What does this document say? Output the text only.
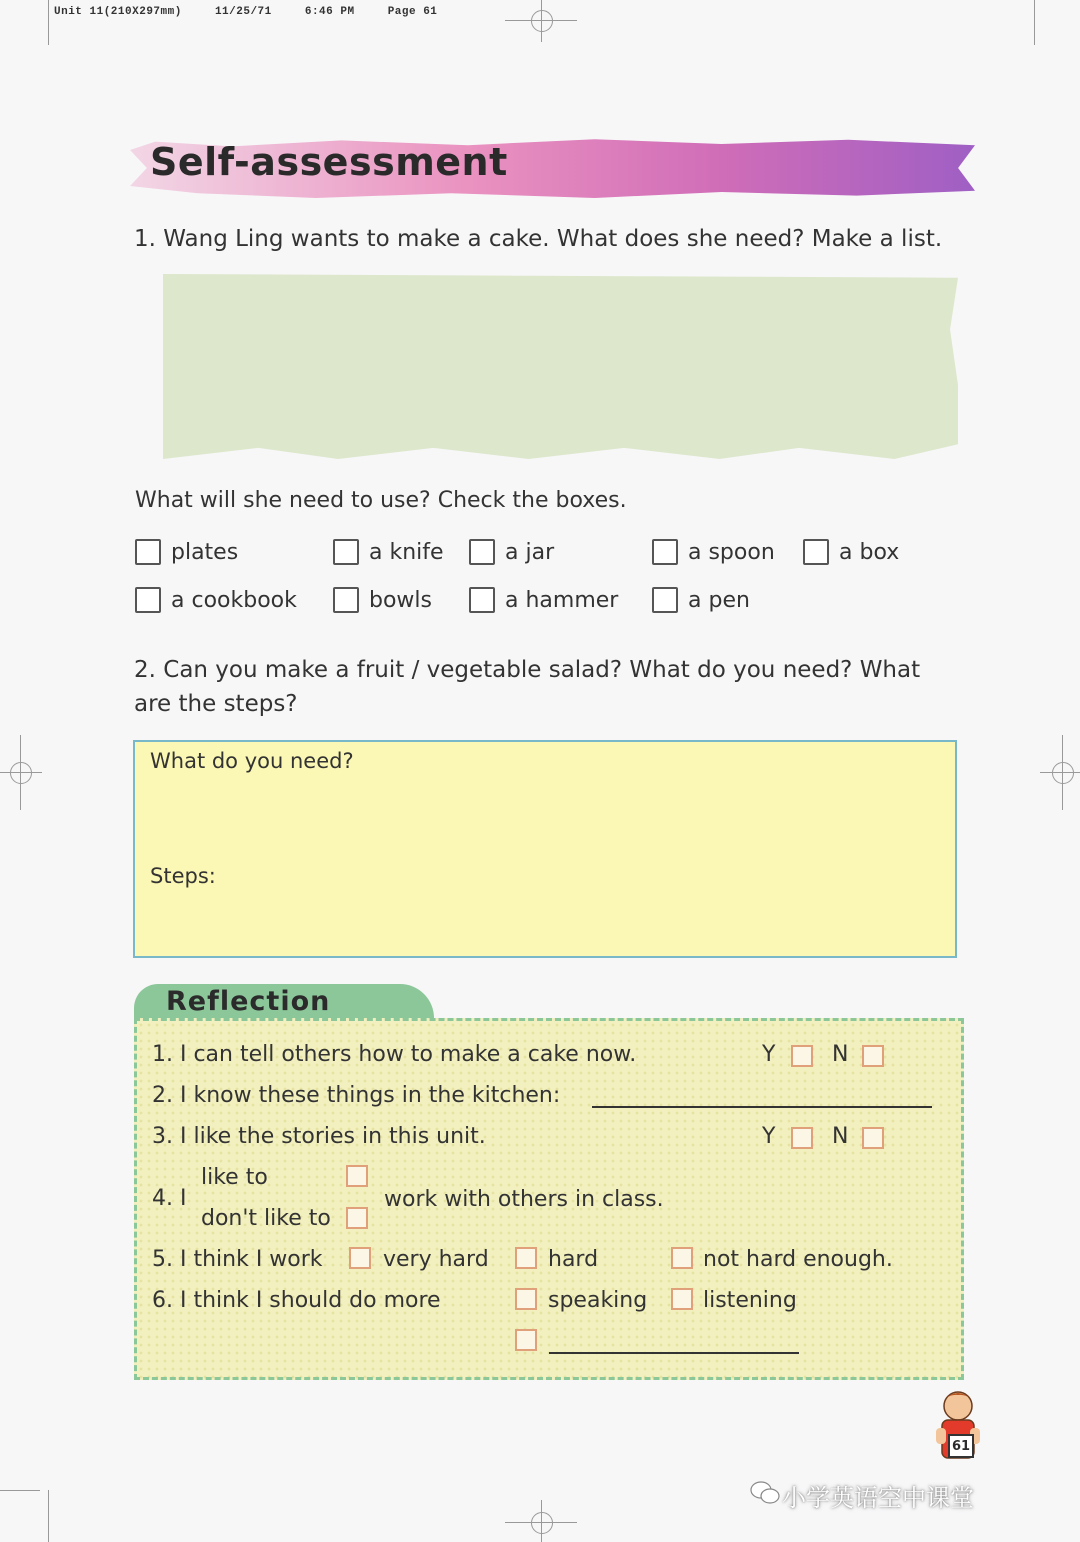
Unit 11(210X297mm)	11/25/71	6:46 PM	Page 61
Self-assessment
1. Wang Ling wants to make a cake. What does she need? Make a list.
What will she need to use? Check the boxes.
plates	a knife	a jar	a spoon	a box
a cookbook	bowls	a hammer	a pen
2. Can you make a fruit / vegetable salad? What do you need? What
are the steps?
What do you need?
Steps:
Reflection
1. I can tell others how to make a cake now.	Y	N
2. I know these things in the kitchen:
3. I like the stories in this unit.	Y	N
4. I
like to
don't like to
work with others in class.
5. I think I work	very hard	hard	not hard enough.
6. I think I should do more	speaking	listening
61
小学英语空中课堂
